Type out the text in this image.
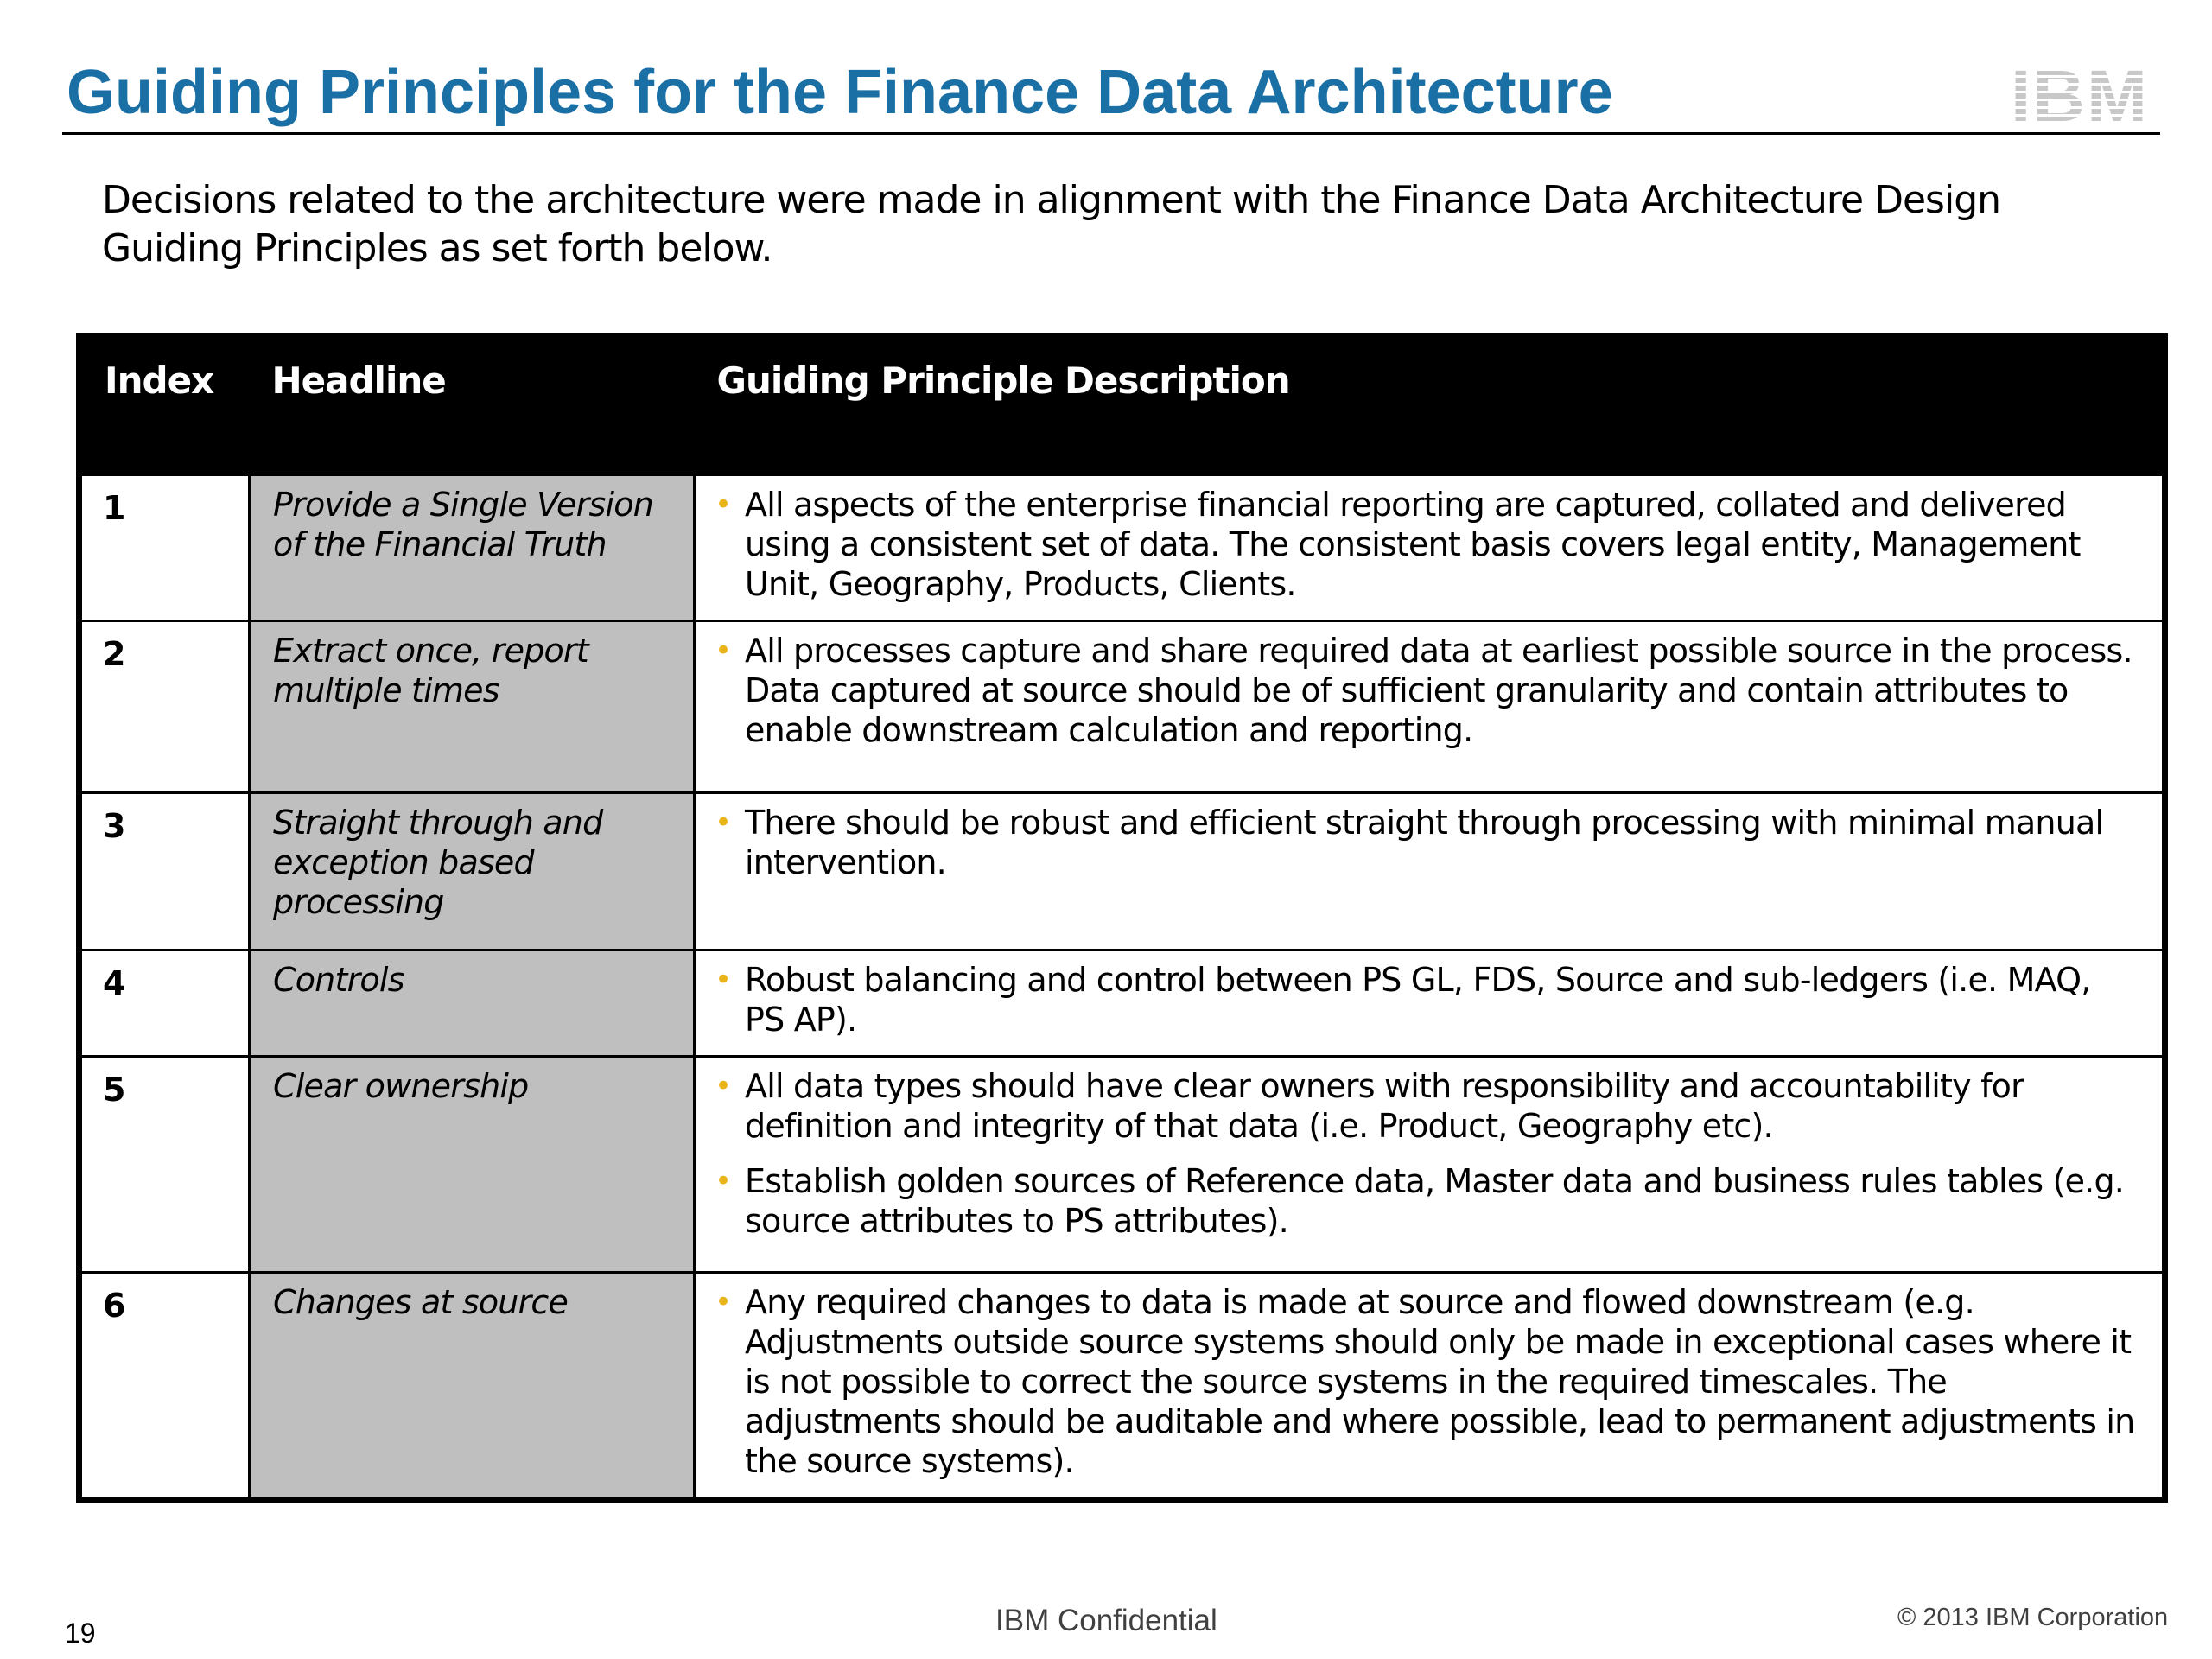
Guiding Principles for the Finance Data Architecture
Decisions related to the architecture were made in alignment with the Finance Data Architecture Design Guiding Principles as set forth below.
Index	Headline	Guiding Principle Description
1	Provide a Single Version of the Financial Truth	• All aspects of the enterprise financial reporting are captured, collated and delivered using a consistent set of data. The consistent basis covers legal entity, Management Unit, Geography, Products, Clients.

2	Extract once, report multiple times	• All processes capture and share required data at earliest possible source in the process. Data captured at source should be of sufficient granularity and contain attributes to enable downstream calculation and reporting.

3	Straight through and exception based processing	• There should be robust and efficient straight through processing with minimal manual intervention.

4	Controls	• Robust balancing and control between PS GL, FDS, Source and sub-ledgers (i.e. MAQ, PS AP).

5	Clear ownership	• All data types should have clear owners with responsibility and accountability for definition and integrity of that data (i.e. Product, Geography etc).
• Establish golden sources of Reference data, Master data and business rules tables (e.g. source attributes to PS attributes).

6	Changes at source	• Any required changes to data is made at source and flowed downstream (e.g. Adjustments outside source systems should only be made in exceptional cases where it is not possible to correct the source systems in the required timescales. The adjustments should be auditable and where possible, lead to permanent adjustments in the source systems).
19	IBM Confidential	© 2013 IBM Corporation
